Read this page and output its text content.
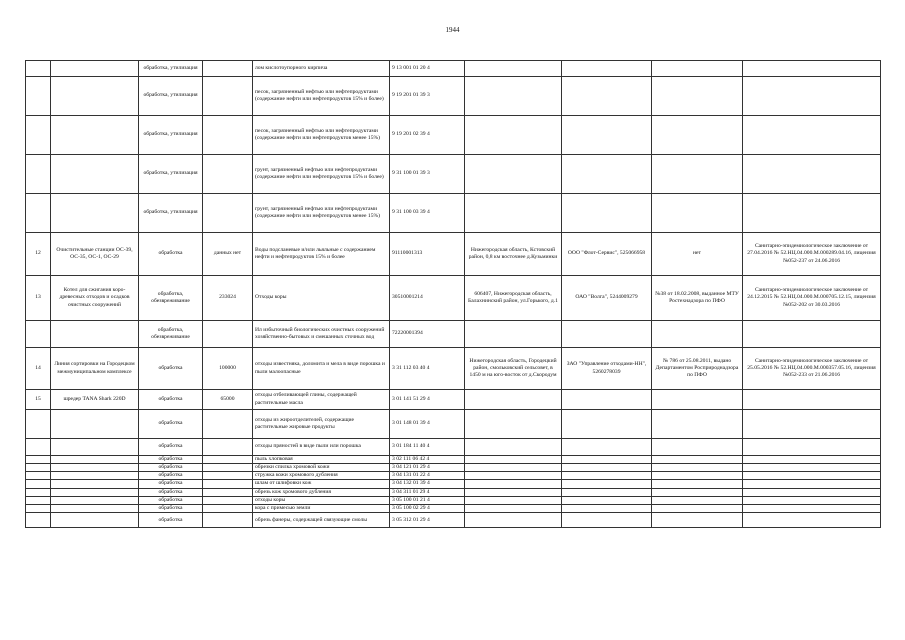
1944
		обработка, утилизация		лом кислотоупорного кирпича	9 13 001 01 20 4				
		обработка, утилизация		песок, загрязненный нефтью или нефтепродуктами (содержание нефти или нефтепродуктов 15% и более)	9 19 201 01 39 3				
		обработка, утилизация		песок, загрязненный нефтью или нефтепродуктами (содержание нефти или нефтепродуктов менее 15%)	9 19 201 02 39 4				
		обработка, утилизация		грунт, загрязненный нефтью или нефтепродуктами (содержание нефти или нефтепродуктов 15% и более)	9 31 100 01 39 3				
		обработка, утилизация		грунт, загрязненный нефтью или нефтепродуктами (содержание нефти или нефтепродуктов менее 15%)	9 31 100 03 39 4				
12	Очистительные станции ОС-39, ОС-35, ОС-1, ОС-29	обработка	данных нет	Воды подсланевые и/или льяльные с содержанием нефти и нефтепродуктов 15% и более	91110001313	Нижегородская область, Кстовский район, 0,8 км восточнее д.Кузьминки	ООО "Флот-Сервис", 525066958	нет	Санитарно-эпидемиологическое заключение от 27.04.2016 № 52.НЦ.04.000.М.000289.04.16, лицензия №052-237 от 24.06.2016
13	Котел для сжигания коро-древесных отходов и осадков очистных сооружений	обработка, обезвреживание	233024	Отходы коры	30510001214	606407, Нижегородская область, Балахнинский район, ул.Горького, д.1	ОАО "Волга", 5244009279	№38 от 18.02.2008, выданное МТУ Ростехнадзора по ПФО	Санитарно-эпидемиологическое заключение от 24.12.2015 № 52.НЦ.04.000.М.000705.12.15, лицензия №052-202 от 30.03.2016
		обработка, обезвреживание		Ил избыточный биологических очистных сооружений хозяйственно-бытовых и смешанных сточных вод	72220001394				
14	Линия сортировки на Городецком межмуниципальном комплексе	обработка	100000	отходы известняка, доломита и мела в виде порошка и пыли малоопасные	3 31 112 03 40 4	Нижегородская область, Городецкий район, смольковский сельсовет, в 1450 м на юго-восток от д.Скородум	ЗАО "Управление отходами-НН", 5260278039	№ 786 от 25.08.2011, выдано Департаментом Росприроднадзора по ПФО	Санитарно-эпидемиологическое заключение от 25.05.2016 № 52.НЦ.04.000.М.000357.05.16, лицензия №052-233 от 21.06.2016
15	шредер TANA Shark 220D	обработка	65000	отходы отбеливающей глины, содержащей растительные масла	3 01 141 51 29 4				
		обработка		отходы из жироотделителей, содержащие растительные жировые продукты	3 01 148 01 39 4				
		обработка		отходы пряностей в виде пыли или порошка	3 01 184 11 40 4				
		обработка		пыль хлопковая	3 02 111 06 42 4				
		обработка		обрезки спилка хромовой кожи	3 04 121 01 29 4				
		обработка		стружка кожи хромового дубления	3 04 131 01 22 4				
		обработка		шлам от шлифовки кож	3 04 132 01 39 4				
		обработка		обрезь кож хромового дубления	3 04 311 01 29 4				
		обработка		отходы коры	3 05 100 01 21 4				
		обработка		кора с примесью земли	3 05 100 02 29 4				
		обработка		обрезь фанеры, содержащей связующие смолы	3 05 312 01 29 4				
